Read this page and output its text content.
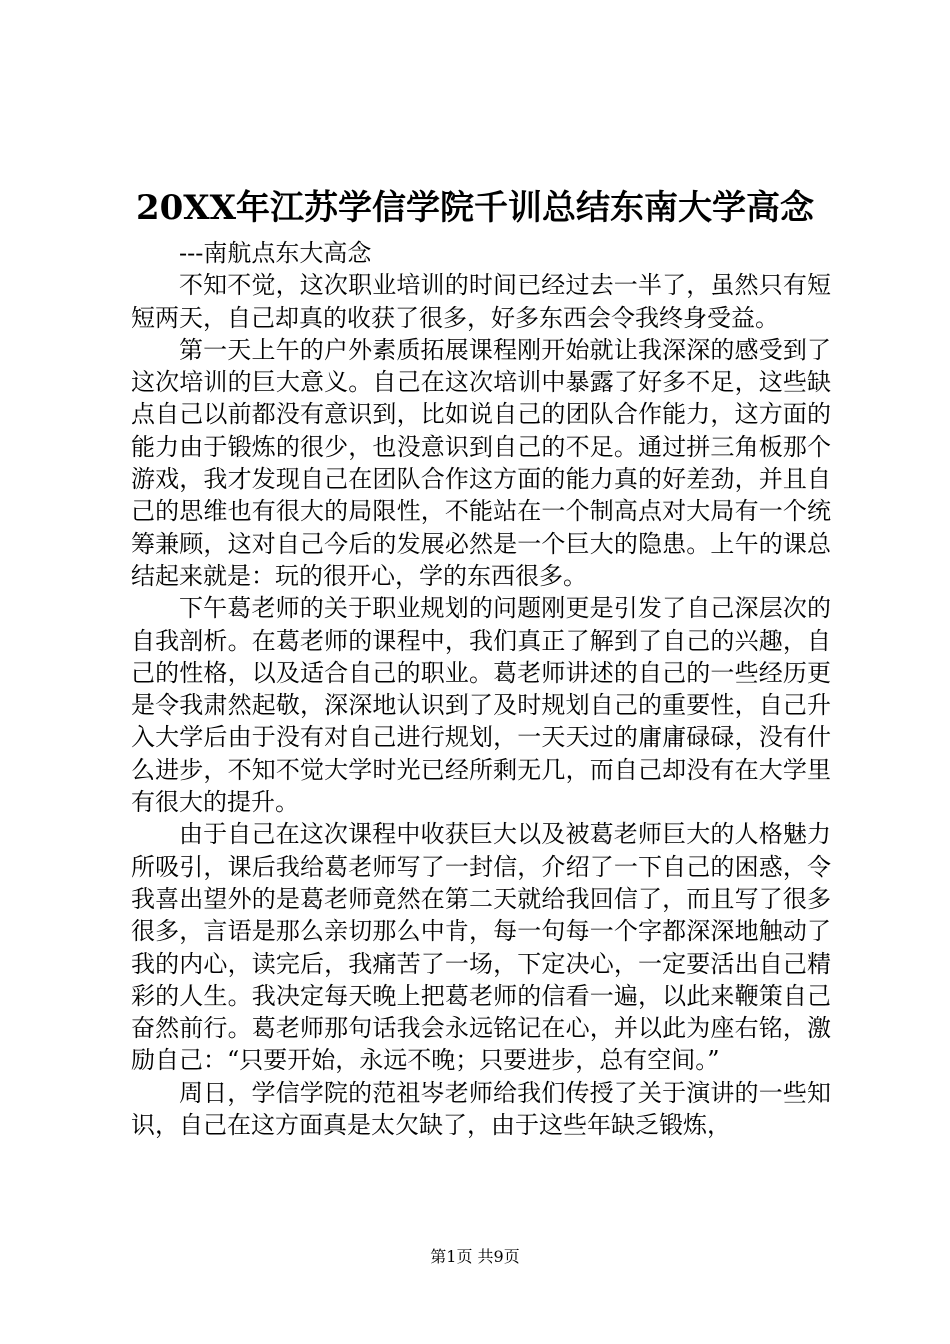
20XX年江苏学信学院千训总结东南大学高念

---南航点东大高念

不知不觉，这次职业培训的时间已经过去一半了，虽然只有短短两天，自己却真的收获了很多，好多东西会令我终身受益。

第一天上午的户外素质拓展课程刚开始就让我深深的感受到了这次培训的巨大意义。自己在这次培训中暴露了好多不足，这些缺点自己以前都没有意识到，比如说自己的团队合作能力，这方面的能力由于锻炼的很少，也没意识到自己的不足。通过拼三角板那个游戏，我才发现自己在团队合作这方面的能力真的好差劲，并且自己的思维也有很大的局限性，不能站在一个制高点对大局有一个统筹兼顾，这对自己今后的发展必然是一个巨大的隐患。上午的课总结起来就是：玩的很开心，学的东西很多。

下午葛老师的关于职业规划的问题刚更是引发了自己深层次的自我剖析。在葛老师的课程中，我们真正了解到了自己的兴趣，自己的性格，以及适合自己的职业。葛老师讲述的自己的一些经历更是令我肃然起敬，深深地认识到了及时规划自己的重要性，自己升入大学后由于没有对自己进行规划，一天天过的庸庸碌碌，没有什么进步，不知不觉大学时光已经所剩无几，而自己却没有在大学里有很大的提升。

由于自己在这次课程中收获巨大以及被葛老师巨大的人格魅力所吸引，课后我给葛老师写了一封信，介绍了一下自己的困惑，令我喜出望外的是葛老师竟然在第二天就给我回信了，而且写了很多很多，言语是那么亲切那么中肯，每一句每一个字都深深地触动了我的内心，读完后，我痛苦了一场，下定决心，一定要活出自己精彩的人生。我决定每天晚上把葛老师的信看一遍，以此来鞭策自己奋然前行。葛老师那句话我会永远铭记在心，并以此为座右铭，激励自己：“只要开始，永远不晚；只要进步，总有空间。”

周日，学信学院的范祖岑老师给我们传授了关于演讲的一些知识，自己在这方面真是太欠缺了，由于这些年缺乏锻炼，

第1页 共9页
